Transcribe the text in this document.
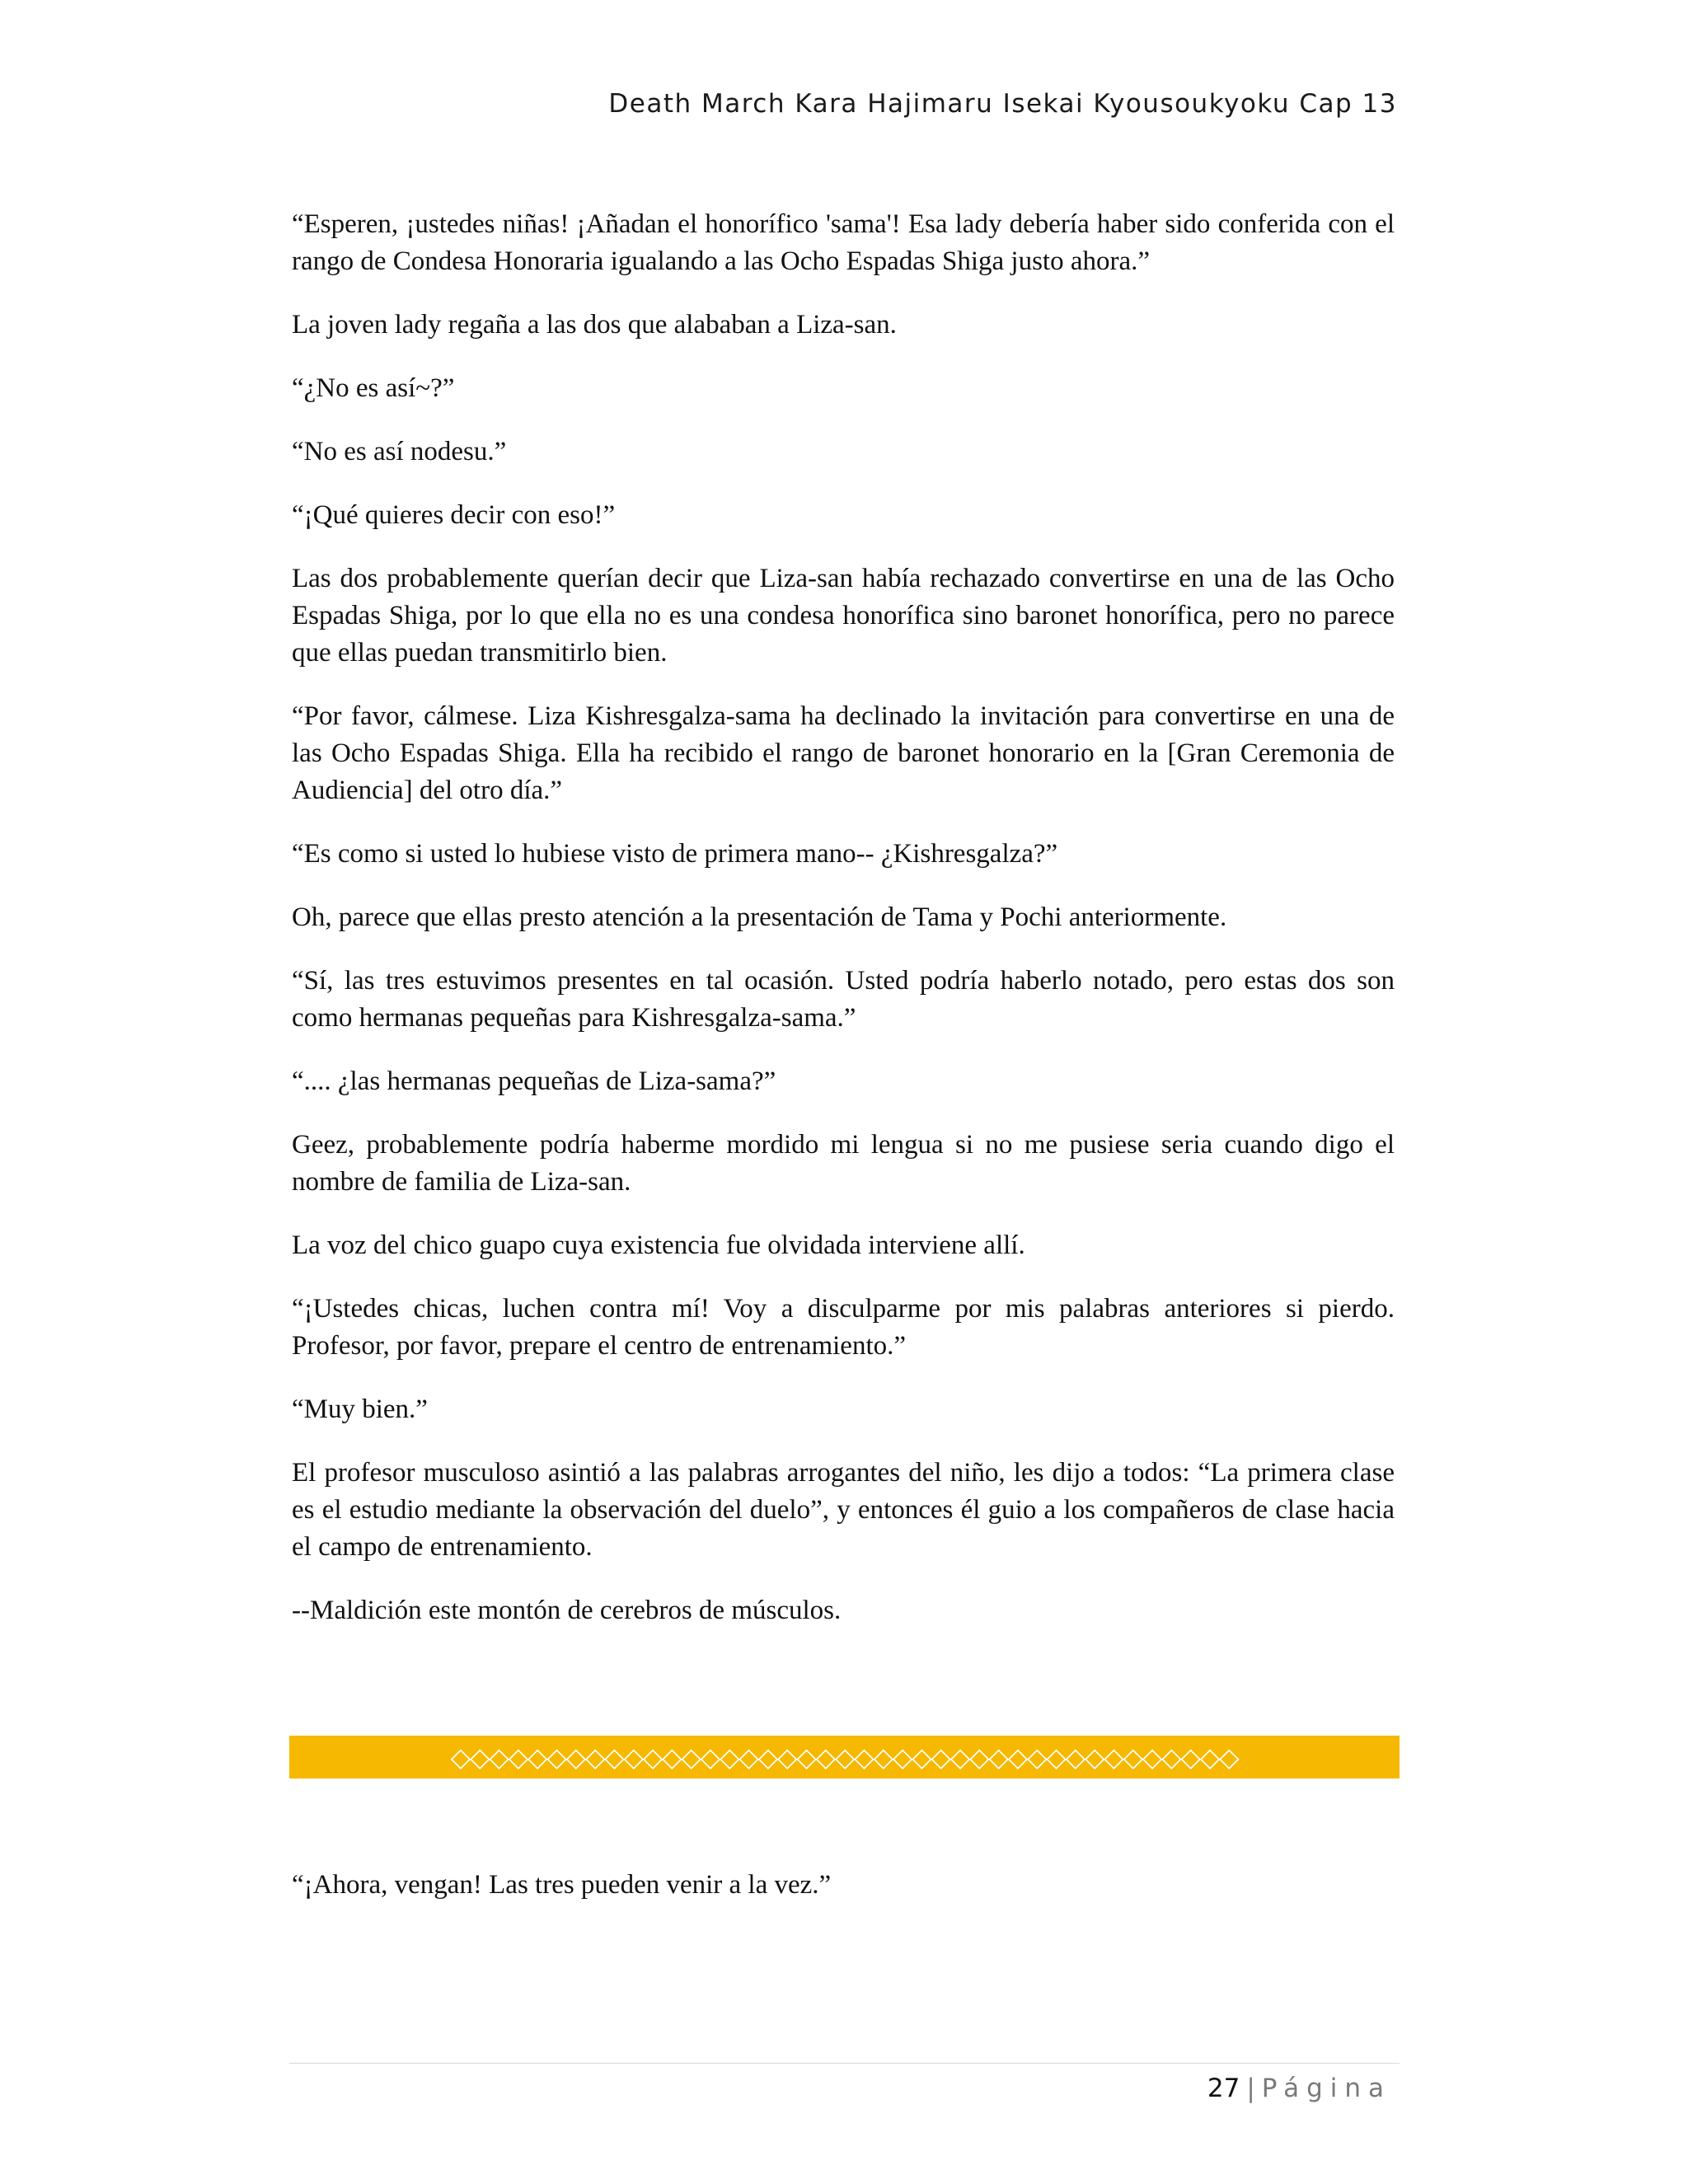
Death March Kara Hajimaru Isekai Kyousoukyoku Cap 13

“Esperen, ¡ustedes niñas! ¡Añadan el honorífico 'sama'! Esa lady debería haber sido conferida con el rango de Condesa Honoraria igualando a las Ocho Espadas Shiga justo ahora.”

La joven lady regaña a las dos que alababan a Liza-san.

“¿No es así~?”

“No es así nodesu.”

“¡Qué quieres decir con eso!”

Las dos probablemente querían decir que Liza-san había rechazado convertirse en una de las Ocho Espadas Shiga, por lo que ella no es una condesa honorífica sino baronet honorífica, pero no parece que ellas puedan transmitirlo bien.

“Por favor, cálmese. Liza Kishresgalza-sama ha declinado la invitación para convertirse en una de las Ocho Espadas Shiga. Ella ha recibido el rango de baronet honorario en la [Gran Ceremonia de Audiencia] del otro día.”

“Es como si usted lo hubiese visto de primera mano-- ¿Kishresgalza?”

Oh, parece que ellas presto atención a la presentación de Tama y Pochi anteriormente.

“Sí, las tres estuvimos presentes en tal ocasión. Usted podría haberlo notado, pero estas dos son como hermanas pequeñas para Kishresgalza-sama.”

“.... ¿las hermanas pequeñas de Liza-sama?”

Geez, probablemente podría haberme mordido mi lengua si no me pusiese seria cuando digo el nombre de familia de Liza-san.

La voz del chico guapo cuya existencia fue olvidada interviene allí.

“¡Ustedes chicas, luchen contra mí! Voy a disculparme por mis palabras anteriores si pierdo. Profesor, por favor, prepare el centro de entrenamiento.”

“Muy bien.”

El profesor musculoso asintió a las palabras arrogantes del niño, les dijo a todos: “La primera clase es el estudio mediante la observación del duelo”, y entonces él guio a los compañeros de clase hacia el campo de entrenamiento.

--Maldición este montón de cerebros de músculos.

◇◇◇◇◇◇◇◇◇◇◇◇◇◇◇◇◇◇◇◇◇◇◇◇◇◇◇◇◇◇◇◇◇◇◇◇◇◇◇◇◇

“¡Ahora, vengan! Las tres pueden venir a la vez.”

27 | Página
